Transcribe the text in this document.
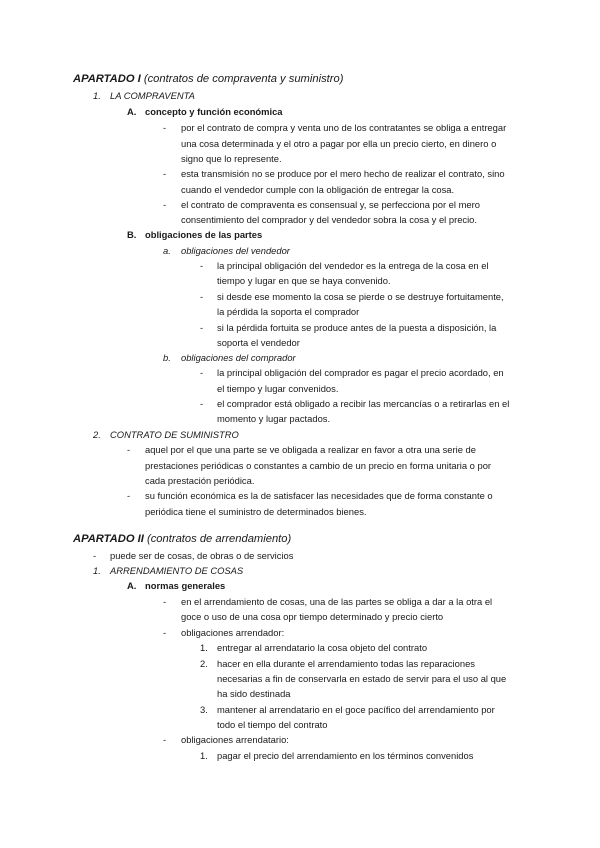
APARTADO I (contratos de compraventa y suministro)
1. LA COMPRAVENTA
A. concepto y función económica
- por el contrato de compra y venta uno de los contratantes se obliga a entregar
una cosa determinada y el otro a pagar por ella un precio cierto, en dinero o
signo que lo represente.
- esta transmisión no se produce por el mero hecho de realizar el contrato, sino
cuando el vendedor cumple con la obligación de entregar la cosa.
- el contrato de compraventa es consensual y, se perfecciona por el mero
consentimiento del comprador y del vendedor sobra la cosa y el precio.
B. obligaciones de las partes
a. obligaciones del vendedor
- la principal obligación del vendedor es la entrega de la cosa en el
tiempo y lugar en que se haya convenido.
- si desde ese momento la cosa se pierde o se destruye fortuitamente,
la pérdida la soporta el comprador
- si la pérdida fortuita se produce antes de la puesta a disposición, la
soporta el vendedor
b. obligaciones del comprador
- la principal obligación del comprador es pagar el precio acordado, en
el tiempo y lugar convenidos.
- el comprador está obligado a recibir las mercancías o a retirarlas en el
momento y lugar pactados.
2. CONTRATO DE SUMINISTRO
- aquel por el que una parte se ve obligada a realizar en favor a otra una serie de
prestaciones periódicas o constantes a cambio de un precio en forma unitaria o por
cada prestación periódica.
- su función económica es la de satisfacer las necesidades que de forma constante o
periódica tiene el suministro de determinados bienes.
APARTADO II (contratos de arrendamiento)
- puede ser de cosas, de obras o de servicios
1. ARRENDAMIENTO DE COSAS
A. normas generales
- en el arrendamiento de cosas, una de las partes se obliga a dar a la otra el
goce o uso de una cosa opr tiempo determinado y precio cierto
- obligaciones arrendador:
1. entregar al arrendatario la cosa objeto del contrato
2. hacer en ella durante el arrendamiento todas las reparaciones
necesarias a fin de conservarla en estado de servir para el uso al que
ha sido destinada
3. mantener al arrendatario en el goce pacífico del arrendamiento por
todo el tiempo del contrato
- obligaciones arrendatario:
1. pagar el precio del arrendamiento en los términos convenidos
